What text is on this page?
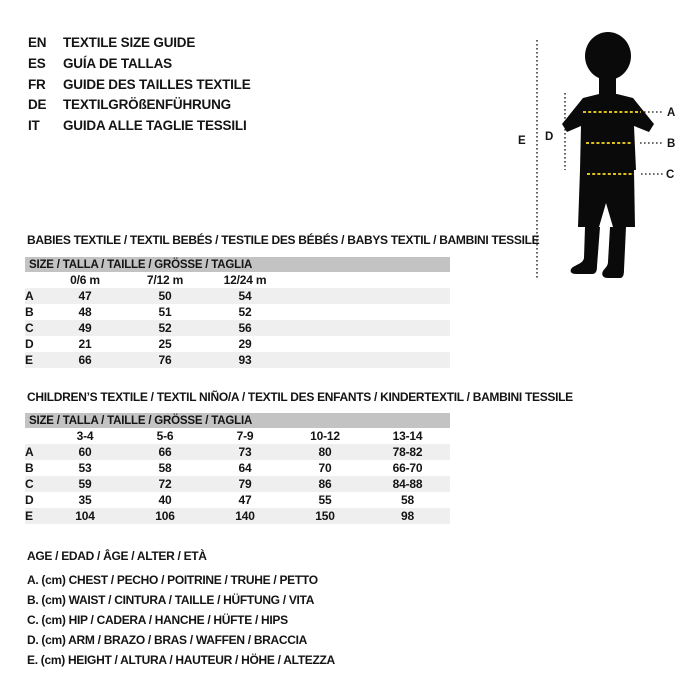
EN TEXTILE SIZE GUIDE
ES GUÍA DE TALLAS
FR GUIDE DES TAILLES TEXTILE
DE TEXTILGRÖßENFÜHRUNG
IT GUIDA ALLE TAGLIE TESSILI
E D
A
B
C
BABIES TEXTILE / TEXTIL BEBÉS / TESTILE DES BÉBÉS / BABYS TEXTIL / BAMBINI TESSILE
SIZE / TALLA / TAILLE / GRÖSSE / TAGLIA				
	0/6 m	7/12 m	12/24 m	
A	47	50	54	
B	48	51	52	
C	49	52	56	
D	21	25	29	
E	66	76	93	
CHILDREN’S TEXTILE / TEXTIL NIÑO/A / TEXTIL DES ENFANTS / KINDERTEXTIL / BAMBINI TESSILE
SIZE / TALLA / TAILLE / GRÖSSE / TAGLIA					
	3-4	5-6	7-9	10-12	13-14
A	60	66	73	80	78-82
B	53	58	64	70	66-70
C	59	72	79	86	84-88
D	35	40	47	55	58
E	104	106	140	150	98
AGE / EDAD / ÂGE / ALTER / ETÀ
A. (cm) CHEST / PECHO / POITRINE / TRUHE / PETTO
B. (cm) WAIST / CINTURA / TAILLE / HÜFTUNG / VITA
C. (cm) HIP / CADERA / HANCHE / HÜFTE / HIPS
D. (cm) ARM / BRAZO / BRAS / WAFFEN / BRACCIA
E. (cm) HEIGHT / ALTURA / HAUTEUR / HÖHE / ALTEZZA
